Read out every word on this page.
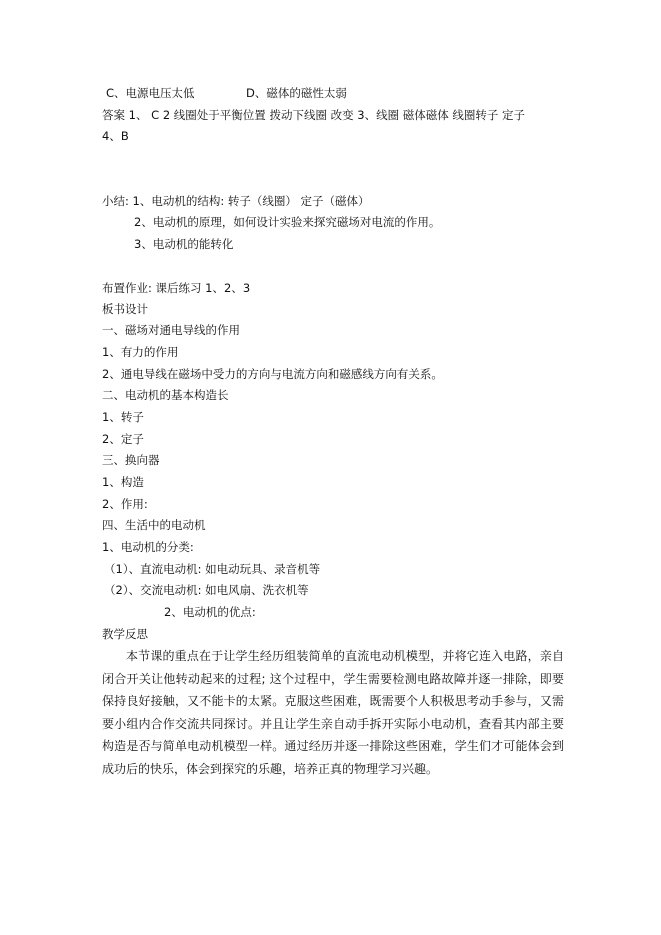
C、电源电压太低	D、磁体的磁性太弱
答案 1、 C 2 线圈处于平衡位置 拨动下线圈 改变 3、线圈 磁体磁体 线圈转子 定子
4、B
小结: 1、电动机的结构: 转子（线圈） 定子（磁体）
2、电动机的原理，如何设计实验来探究磁场对电流的作用。
3、电动机的能转化
布置作业: 课后练习 1、2、3
板书设计
一、磁场对通电导线的作用
1、有力的作用
2、通电导线在磁场中受力的方向与电流方向和磁感线方向有关系。
二、电动机的基本构造长
1、转子
2、定子
三、换向器
1、构造
2、作用:
四、生活中的电动机
1、电动机的分类:
（1）、直流电动机: 如电动玩具、录音机等
（2）、交流电动机: 如电风扇、洗衣机等
2、电动机的优点:
教学反思
本节课的重点在于让学生经历组装简单的直流电动机模型，并将它连入电路，亲自闭合开关让他转动起来的过程; 这个过程中，学生需要检测电路故障并逐一排除，即要保持良好接触，又不能卡的太紧。克服这些困难，既需要个人积极思考动手参与，又需要小组内合作交流共同探讨。并且让学生亲自动手拆开实际小电动机，查看其内部主要构造是否与简单电动机模型一样。通过经历并逐一排除这些困难，学生们才可能体会到成功后的快乐，体会到探究的乐趣，培养正真的物理学习兴趣。
